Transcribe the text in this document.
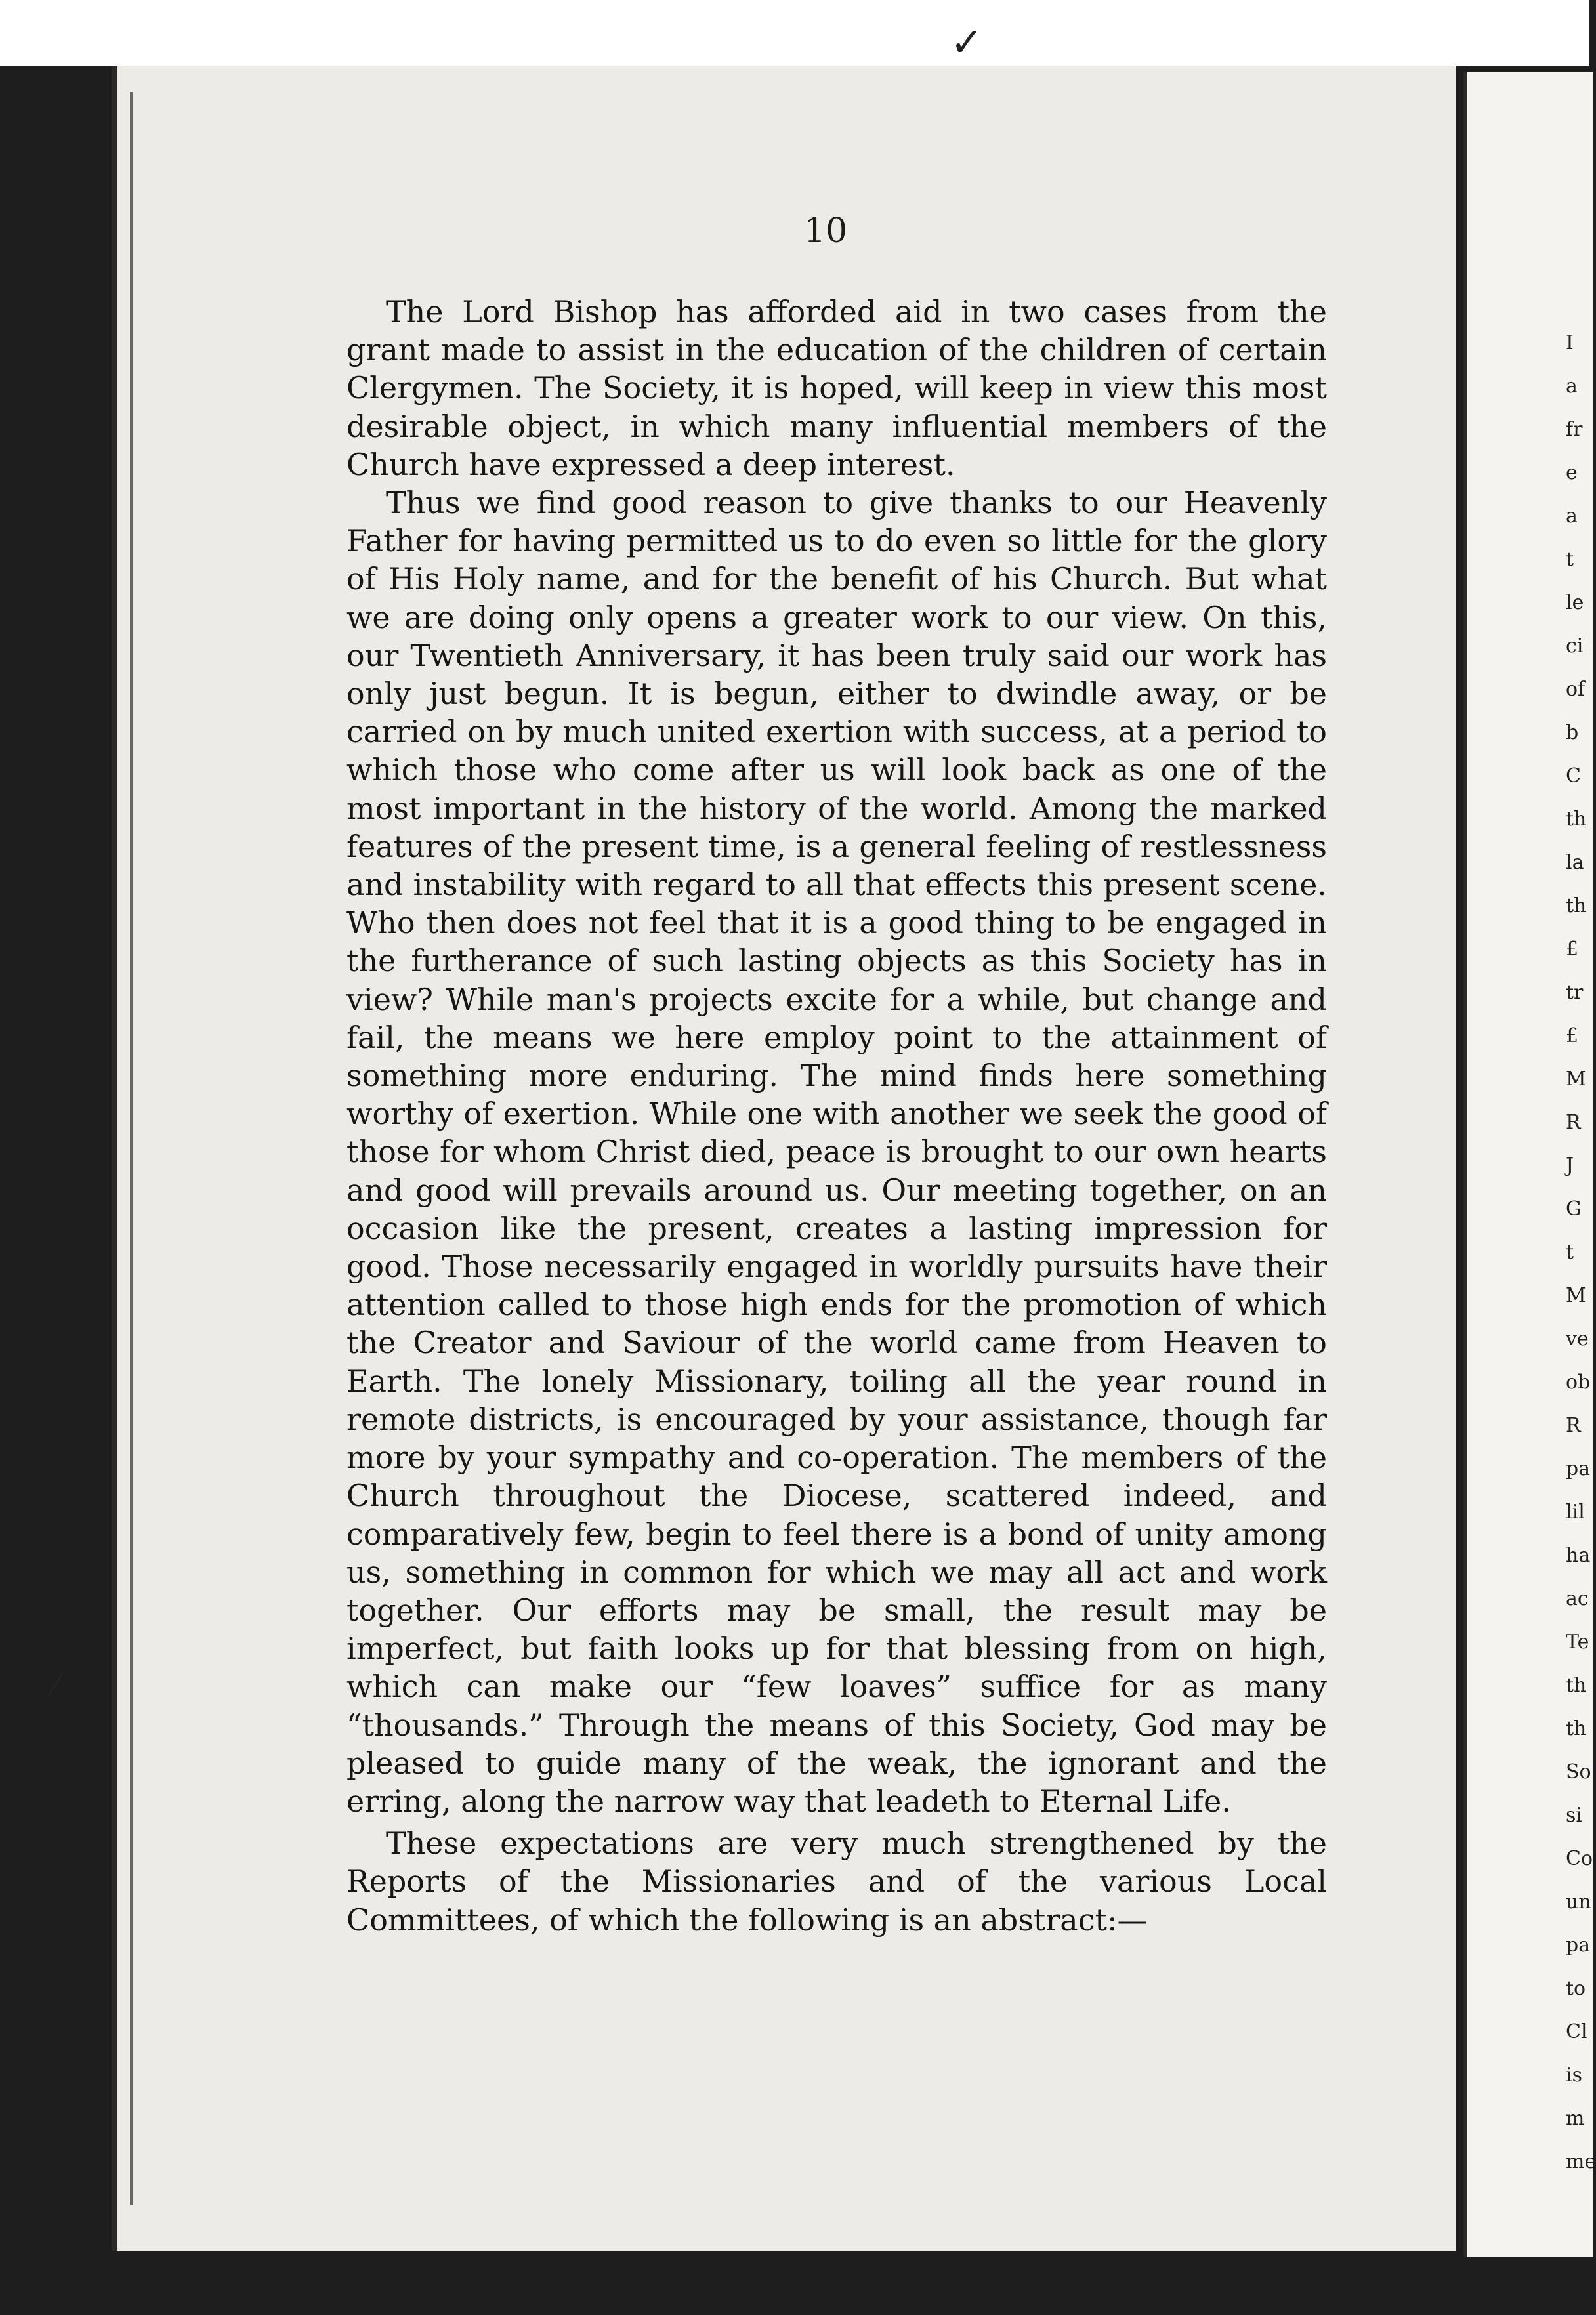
I
a
fr
e
a
t
le
ci
of
b
C
th
la
th
£
tr
£
M
R
J
G
t
M
ve
ob
R
pa
lil
ha
ac
Te
th
th
So
si
Co
un
pa
to
Cl
is
m
me
10

The Lord Bishop has afforded aid in two cases from the grant made to assist in the education of the children of certain Clergymen. The Society, it is hoped, will keep in view this most desirable object, in which many influential members of the Church have expressed a deep interest.

Thus we find good reason to give thanks to our Heavenly Father for having permitted us to do even so little for the glory of His Holy name, and for the benefit of his Church. But what we are doing only opens a greater work to our view. On this, our Twentieth Anniversary, it has been truly said our work has only just begun. It is begun, either to dwindle away, or be carried on by much united exertion with success, at a period to which those who come after us will look back as one of the most important in the history of the world. Among the marked features of the present time, is a general feeling of restlessness and instability with regard to all that effects this present scene. Who then does not feel that it is a good thing to be engaged in the furtherance of such lasting objects as this Society has in view? While man's projects excite for a while, but change and fail, the means we here employ point to the attainment of something more enduring. The mind finds here something worthy of exertion. While one with another we seek the good of those for whom Christ died, peace is brought to our own hearts and good will prevails around us. Our meeting together, on an occasion like the present, creates a lasting impression for good. Those necessarily engaged in worldly pursuits have their attention called to those high ends for the promotion of which the Creator and Saviour of the world came from Heaven to Earth. The lonely Missionary, toiling all the year round in remote districts, is encouraged by your assistance, though far more by your sympathy and co-operation. The members of the Church throughout the Diocese, scattered indeed, and comparatively few, begin to feel there is a bond of unity among us, something in common for which we may all act and work together. Our efforts may be small, the result may be imperfect, but faith looks up for that blessing from on high, which can make our “few loaves” suffice for as many “thousands.” Through the means of this Society, God may be pleased to guide many of the weak, the ignorant and the erring, along the narrow way that leadeth to Eternal Life.

These expectations are very much strengthened by the Reports of the Missionaries and of the various Local Committees, of which the following is an abstract:—

✓
⁄
